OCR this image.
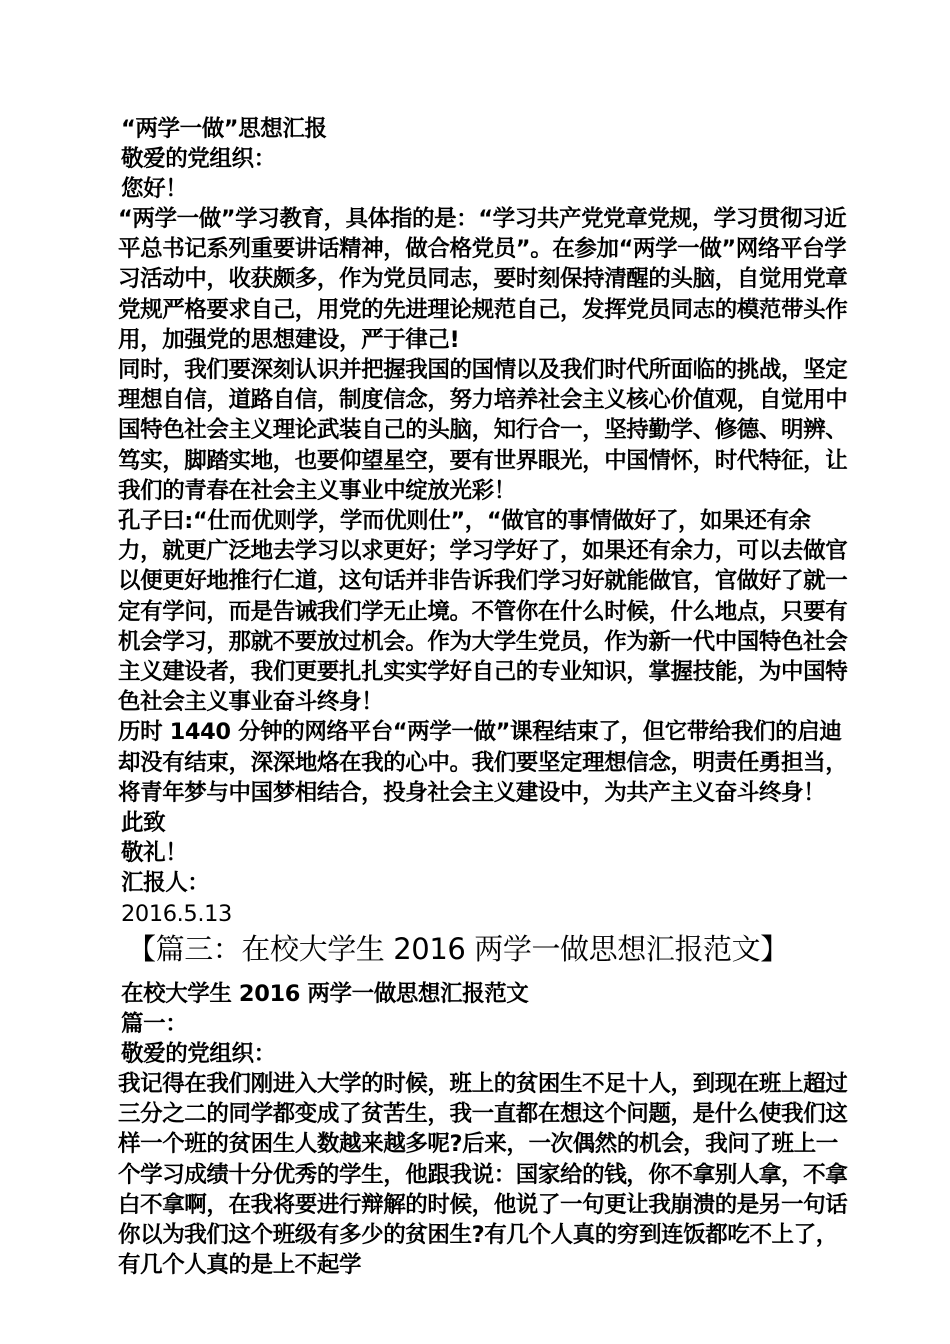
“两学一做”思想汇报
敬爱的党组织：
您好！

“两学一做”学习教育，具体指的是：“学习共产党党章党规，学习贯彻习近平总书记系列重要讲话精神，做合格党员”。在参加“两学一做”网络平台学习活动中，收获颇多，作为党员同志，要时刻保持清醒的头脑，自觉用党章党规严格要求自己，用党的先进理论规范自己，发挥党员同志的模范带头作用，加强党的思想建设，严于律己!

同时，我们要深刻认识并把握我国的国情以及我们时代所面临的挑战，坚定理想自信，道路自信，制度信念，努力培养社会主义核心价值观，自觉用中国特色社会主义理论武装自己的头脑，知行合一，坚持勤学、修德、明辨、笃实，脚踏实地，也要仰望星空，要有世界眼光，中国情怀，时代特征，让我们的青春在社会主义事业中绽放光彩！

孔子曰:“仕而优则学，学而优则仕”，“做官的事情做好了，如果还有余力，就更广泛地去学习以求更好；学习学好了，如果还有余力，可以去做官以便更好地推行仁道，这句话并非告诉我们学习好就能做官，官做好了就一定有学问，而是告诫我们学无止境。不管你在什么时候，什么地点，只要有机会学习，那就不要放过机会。作为大学生党员，作为新一代中国特色社会主义建设者，我们更要扎扎实实学好自己的专业知识，掌握技能，为中国特色社会主义事业奋斗终身！

历时 1440 分钟的网络平台“两学一做”课程结束了，但它带给我们的启迪却没有结束，深深地烙在我的心中。我们要坚定理想信念，明责任勇担当，将青年梦与中国梦相结合，投身社会主义建设中，为共产主义奋斗终身！

此致
敬礼！
汇报人：
2016.5.13
【篇三：在校大学生 2016 两学一做思想汇报范文】
在校大学生 2016 两学一做思想汇报范文
篇一：
敬爱的党组织：

我记得在我们刚进入大学的时候，班上的贫困生不足十人，到现在班上超过三分之二的同学都变成了贫苦生，我一直都在想这个问题，是什么使我们这样一个班的贫困生人数越来越多呢?后来，一次偶然的机会，我问了班上一个学习成绩十分优秀的学生，他跟我说：国家给的钱，你不拿别人拿，不拿白不拿啊，在我将要进行辩解的时候，他说了一句更让我崩溃的是另一句话你以为我们这个班级有多少的贫困生?有几个人真的穷到连饭都吃不上了，有几个人真的是上不起学
